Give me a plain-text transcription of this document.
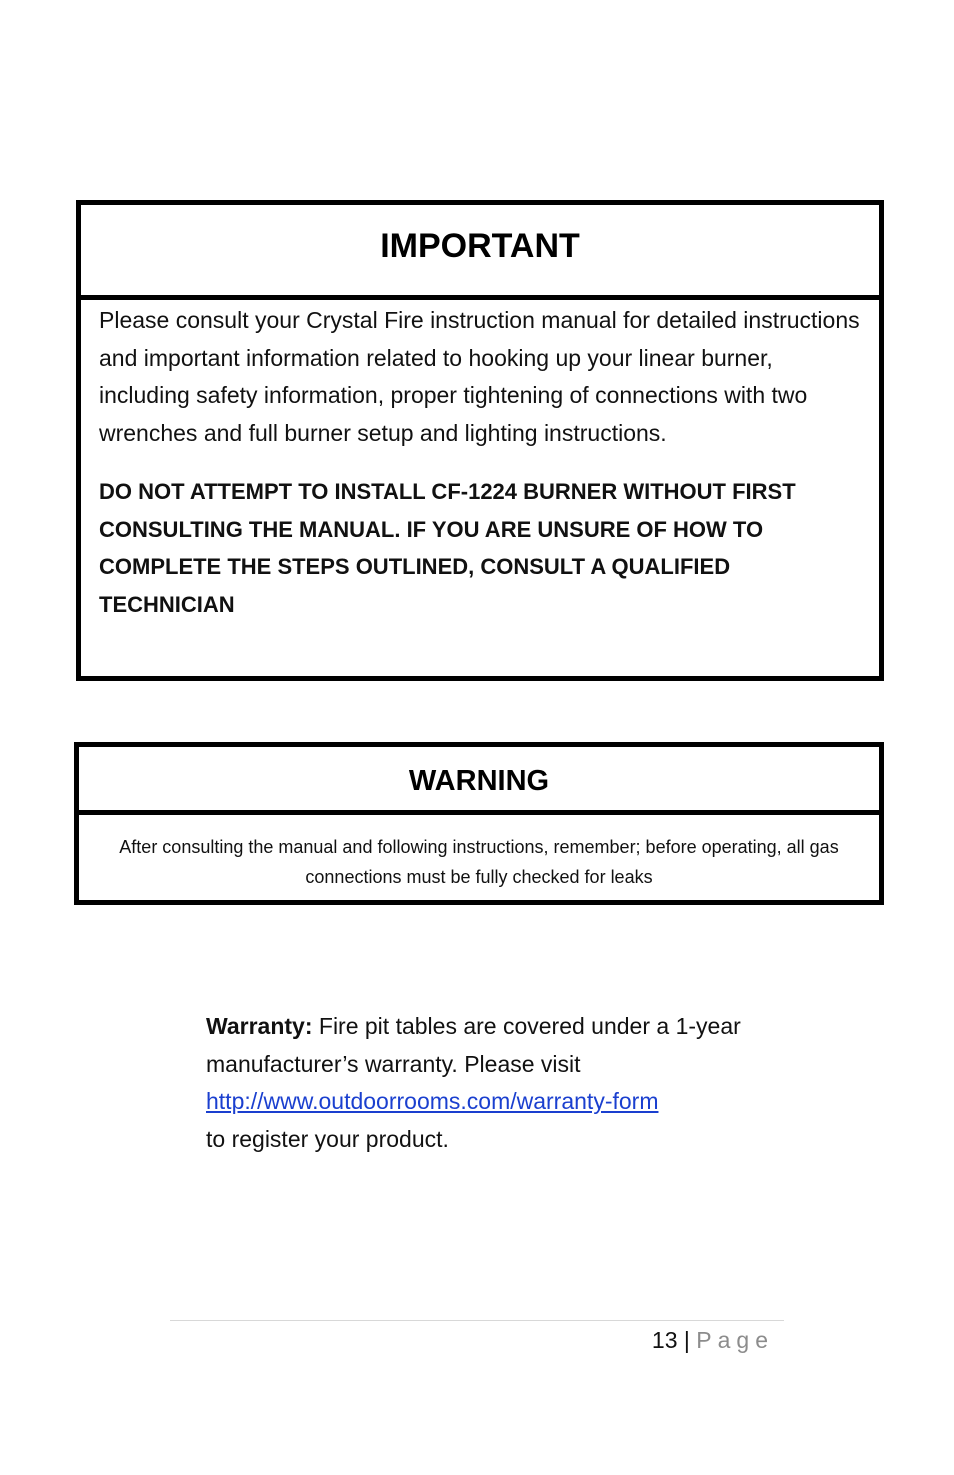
IMPORTANT

Please consult your Crystal Fire instruction manual for detailed instructions and important information related to hooking up your linear burner, including safety information, proper tightening of connections with two wrenches and full burner setup and lighting instructions.

DO NOT ATTEMPT TO INSTALL CF-1224 BURNER WITHOUT FIRST CONSULTING THE MANUAL. IF YOU ARE UNSURE OF HOW TO COMPLETE THE STEPS OUTLINED, CONSULT A QUALIFIED TECHNICIAN

WARNING

After consulting the manual and following instructions, remember; before operating, all gas connections must be fully checked for leaks

Warranty: Fire pit tables are covered under a 1-year manufacturer’s warranty. Please visit
http://www.outdoorrooms.com/warranty-form
to register your product.

13 | Page
